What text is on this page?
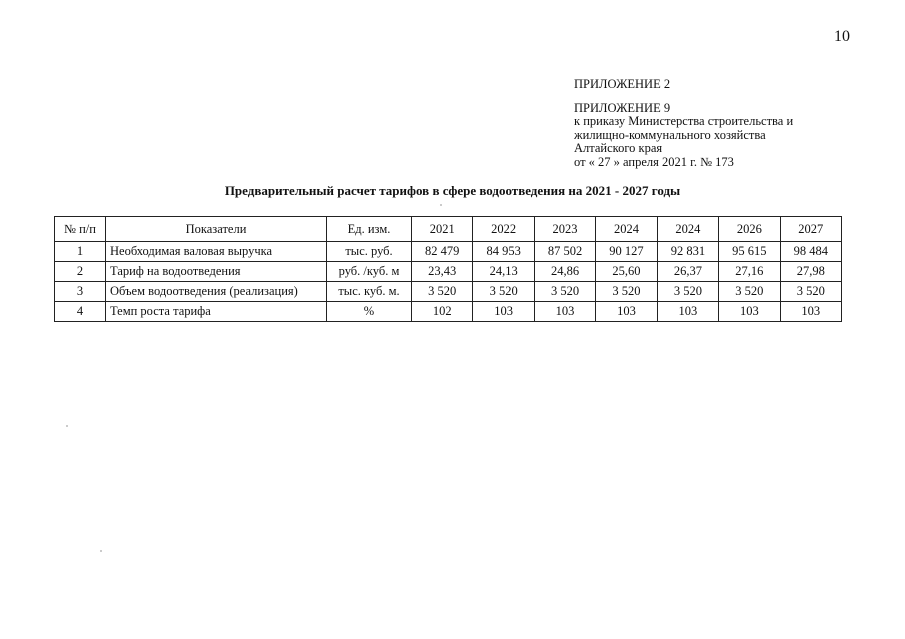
10
ПРИЛОЖЕНИЕ 2
ПРИЛОЖЕНИЕ 9
к приказу Министерства строительства и
жилищно-коммунального хозяйства
Алтайского края
от « 27 » апреля 2021 г. № 173
Предварительный расчет тарифов в сфере водоотведения на 2021 - 2027 годы
№ п/п	Показатели	Ед. изм.	2021	2022	2023	2024	2024	2026	2027
1	Необходимая валовая выручка	тыс. руб.	82 479	84 953	87 502	90 127	92 831	95 615	98 484
2	Тариф на водоотведения	руб. /куб. м	23,43	24,13	24,86	25,60	26,37	27,16	27,98
3	Объем водоотведения (реализация)	тыс. куб. м.	3 520	3 520	3 520	3 520	3 520	3 520	3 520
4	Темп роста тарифа	%	102	103	103	103	103	103	103
